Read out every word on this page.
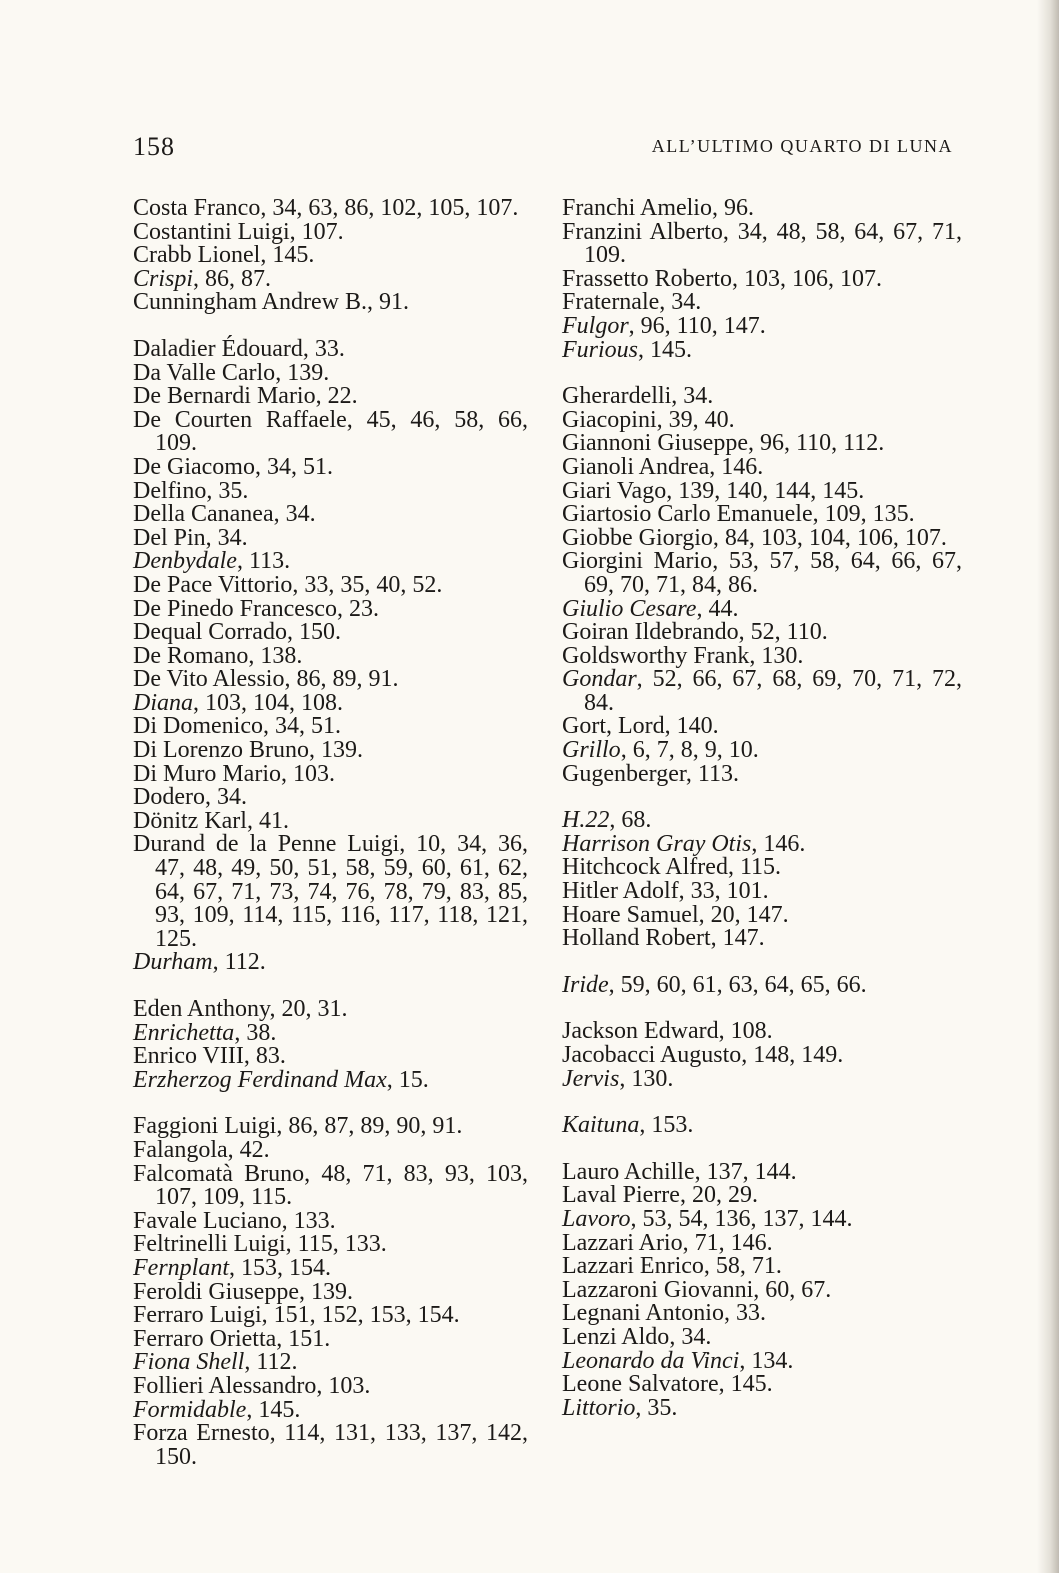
158	ALL’ULTIMO QUARTO DI LUNA

Costa Franco, 34, 63, 86, 102, 105, 107.

Costantini Luigi, 107.

Crabb Lionel, 145.

Crispi, 86, 87.

Cunningham Andrew B., 91.

Daladier Édouard, 33.

Da Valle Carlo, 139.

De Bernardi Mario, 22.

De Courten Raffaele, 45, 46, 58, 66, 109.

De Giacomo, 34, 51.

Delfino, 35.

Della Cananea, 34.

Del Pin, 34.

Denbydale, 113.

De Pace Vittorio, 33, 35, 40, 52.

De Pinedo Francesco, 23.

Dequal Corrado, 150.

De Romano, 138.

De Vito Alessio, 86, 89, 91.

Diana, 103, 104, 108.

Di Domenico, 34, 51.

Di Lorenzo Bruno, 139.

Di Muro Mario, 103.

Dodero, 34.

Dönitz Karl, 41.

Durand de la Penne Luigi, 10, 34, 36, 47, 48, 49, 50, 51, 58, 59, 60, 61, 62, 64, 67, 71, 73, 74, 76, 78, 79, 83, 85, 93, 109, 114, 115, 116, 117, 118, 121, 125.

Durham, 112.

Eden Anthony, 20, 31.

Enrichetta, 38.

Enrico VIII, 83.

Erzherzog Ferdinand Max, 15.

Faggioni Luigi, 86, 87, 89, 90, 91.

Falangola, 42.

Falcomatà Bruno, 48, 71, 83, 93, 103, 107, 109, 115.

Favale Luciano, 133.

Feltrinelli Luigi, 115, 133.

Fernplant, 153, 154.

Feroldi Giuseppe, 139.

Ferraro Luigi, 151, 152, 153, 154.

Ferraro Orietta, 151.

Fiona Shell, 112.

Follieri Alessandro, 103.

Formidable, 145.

Forza Ernesto, 114, 131, 133, 137, 142, 150.

Franchi Amelio, 96.

Franzini Alberto, 34, 48, 58, 64, 67, 71, 109.

Frassetto Roberto, 103, 106, 107.

Fraternale, 34.

Fulgor, 96, 110, 147.

Furious, 145.

Gherardelli, 34.

Giacopini, 39, 40.

Giannoni Giuseppe, 96, 110, 112.

Gianoli Andrea, 146.

Giari Vago, 139, 140, 144, 145.

Giartosio Carlo Emanuele, 109, 135.

Giobbe Giorgio, 84, 103, 104, 106, 107.

Giorgini Mario, 53, 57, 58, 64, 66, 67, 69, 70, 71, 84, 86.

Giulio Cesare, 44.

Goiran Ildebrando, 52, 110.

Goldsworthy Frank, 130.

Gondar, 52, 66, 67, 68, 69, 70, 71, 72, 84.

Gort, Lord, 140.

Grillo, 6, 7, 8, 9, 10.

Gugenberger, 113.

H.22, 68.

Harrison Gray Otis, 146.

Hitchcock Alfred, 115.

Hitler Adolf, 33, 101.

Hoare Samuel, 20, 147.

Holland Robert, 147.

Iride, 59, 60, 61, 63, 64, 65, 66.

Jackson Edward, 108.

Jacobacci Augusto, 148, 149.

Jervis, 130.

Kaituna, 153.

Lauro Achille, 137, 144.

Laval Pierre, 20, 29.

Lavoro, 53, 54, 136, 137, 144.

Lazzari Ario, 71, 146.

Lazzari Enrico, 58, 71.

Lazzaroni Giovanni, 60, 67.

Legnani Antonio, 33.

Lenzi Aldo, 34.

Leonardo da Vinci, 134.

Leone Salvatore, 145.

Littorio, 35.
